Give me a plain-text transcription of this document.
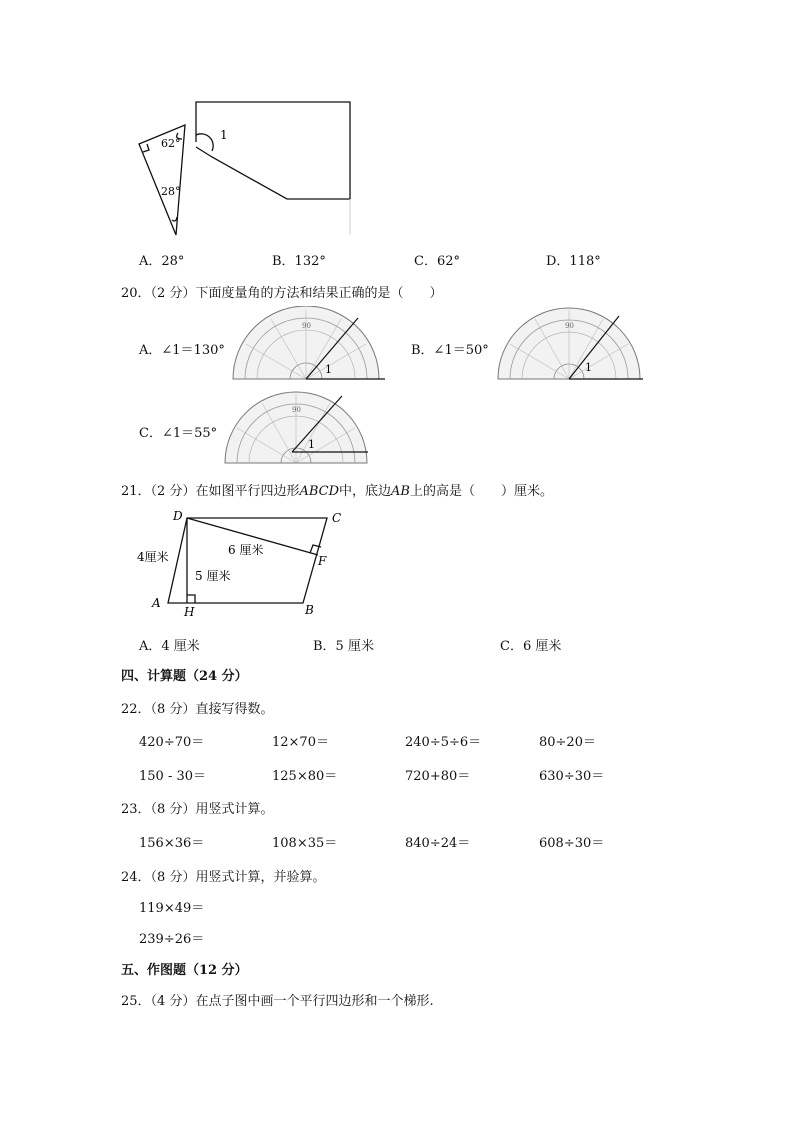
62°
28°
1
A．28°	B．132°	C．62°	D．118°
20．（2 分）下面度量角的方法和结果正确的是（　　）
A．∠1＝130°	B．∠1＝50°
C．∠1＝55°
90
1
90
1
90
1
21．（2 分）在如图平行四边形ABCD中，底边AB上的高是（　　）厘米。
D	C
A	B
H
F
4厘米	6 厘米
5 厘米
A．4 厘米	B．5 厘米	C．6 厘米
四、计算题（24 分）
22．（8 分）直接写得数。
420÷70＝	12×70＝	240÷5÷6＝	80÷20＝
150 - 30＝	125×80＝	720+80＝	630÷30＝
23．（8 分）用竖式计算。
156×36＝	108×35＝	840÷24＝	608÷30＝
24．（8 分）用竖式计算，并验算。
119×49＝
239÷26＝
五、作图题（12 分）
25．（4 分）在点子图中画一个平行四边形和一个梯形.
